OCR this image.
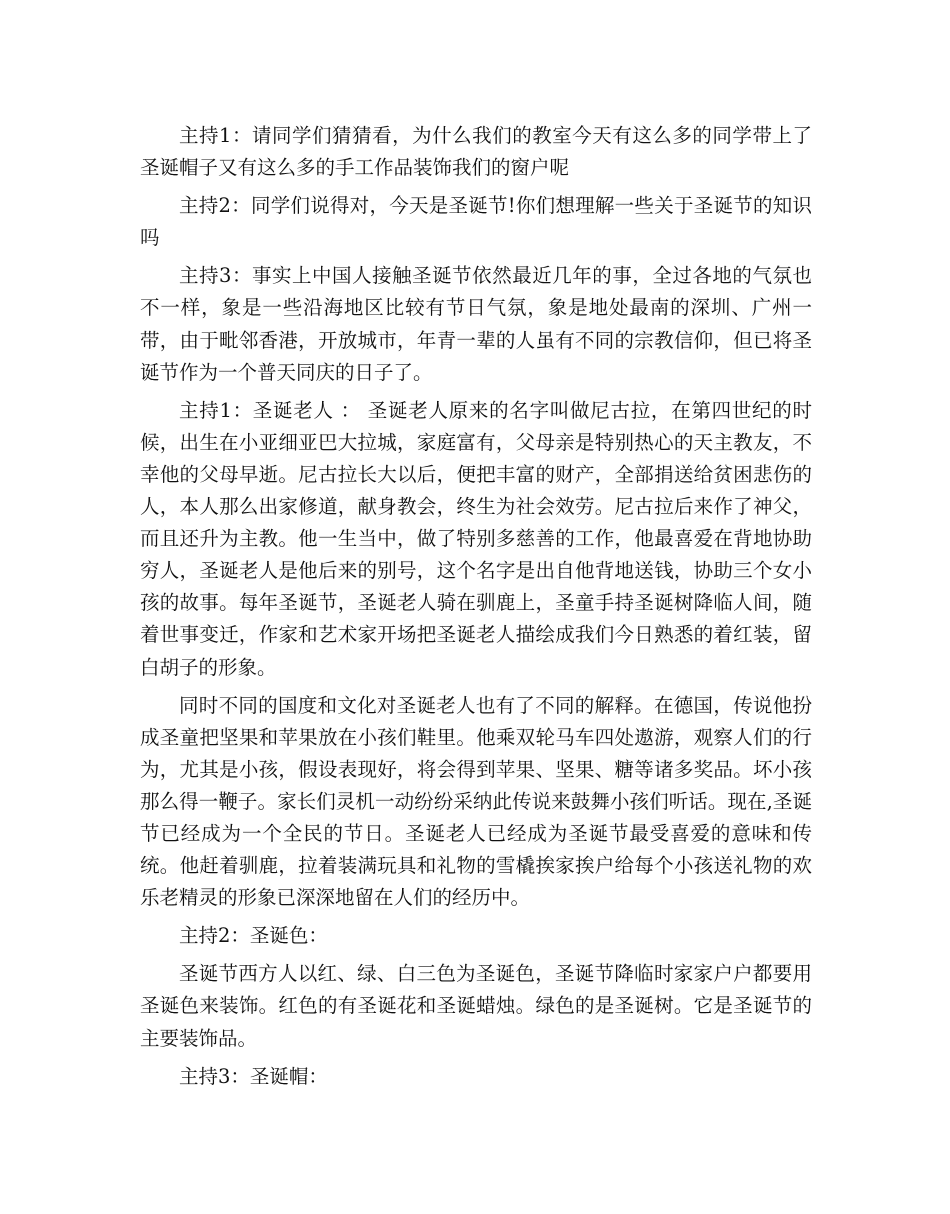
主持1：请同学们猜猜看，为什么我们的教室今天有这么多的同学带上了圣诞帽子又有这么多的手工作品装饰我们的窗户呢

主持2：同学们说得对，今天是圣诞节!你们想理解一些关于圣诞节的知识吗

主持3：事实上中国人接触圣诞节依然最近几年的事，全过各地的气氛也不一样，象是一些沿海地区比较有节日气氛，象是地处最南的深圳、广州一带，由于毗邻香港，开放城市，年青一辈的人虽有不同的宗教信仰，但已将圣诞节作为一个普天同庆的日子了。

主持1：圣诞老人 ： 圣诞老人原来的名字叫做尼古拉，在第四世纪的时候，出生在小亚细亚巴大拉城，家庭富有，父母亲是特别热心的天主教友，不幸他的父母早逝。尼古拉长大以后，便把丰富的财产，全部捐送给贫困悲伤的人，本人那么出家修道，献身教会，终生为社会效劳。尼古拉后来作了神父，而且还升为主教。他一生当中，做了特别多慈善的工作，他最喜爱在背地协助穷人，圣诞老人是他后来的别号，这个名字是出自他背地送钱，协助三个女小孩的故事。每年圣诞节，圣诞老人骑在驯鹿上，圣童手持圣诞树降临人间，随着世事变迁，作家和艺术家开场把圣诞老人描绘成我们今日熟悉的着红装，留白胡子的形象。

同时不同的国度和文化对圣诞老人也有了不同的解释。在德国，传说他扮成圣童把坚果和苹果放在小孩们鞋里。他乘双轮马车四处遨游，观察人们的行为，尤其是小孩，假设表现好，将会得到苹果、坚果、糖等诸多奖品。坏小孩那么得一鞭子。家长们灵机一动纷纷采纳此传说来鼓舞小孩们听话。现在,圣诞节已经成为一个全民的节日。圣诞老人已经成为圣诞节最受喜爱的意味和传统。他赶着驯鹿，拉着装满玩具和礼物的雪橇挨家挨户给每个小孩送礼物的欢乐老精灵的形象已深深地留在人们的经历中。

主持2：圣诞色：

圣诞节西方人以红、绿、白三色为圣诞色，圣诞节降临时家家户户都要用圣诞色来装饰。红色的有圣诞花和圣诞蜡烛。绿色的是圣诞树。它是圣诞节的主要装饰品。

主持3：圣诞帽：
